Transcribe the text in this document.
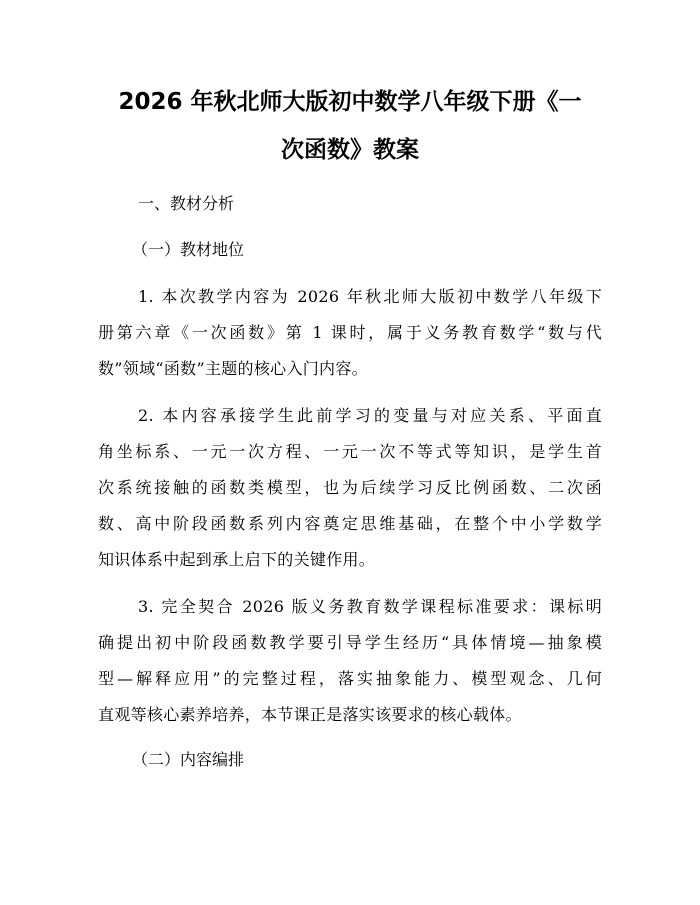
2026 年秋北师大版初中数学八年级下册《一
次函数》教案
一、教材分析
（一）教材地位
1. 本次教学内容为 2026 年秋北师大版初中数学八年级下
册第六章《一次函数》第 1 课时，属于义务教育数学“数与代
数”领域“函数”主题的核心入门内容。
2. 本内容承接学生此前学习的变量与对应关系、平面直
角坐标系、一元一次方程、一元一次不等式等知识，是学生首
次系统接触的函数类模型，也为后续学习反比例函数、二次函
数、高中阶段函数系列内容奠定思维基础，在整个中小学数学
知识体系中起到承上启下的关键作用。
3. 完全契合 2026 版义务教育数学课程标准要求：课标明
确提出初中阶段函数教学要引导学生经历“具体情境—抽象模
型—解释应用”的完整过程，落实抽象能力、模型观念、几何
直观等核心素养培养，本节课正是落实该要求的核心载体。
（二）内容编排
